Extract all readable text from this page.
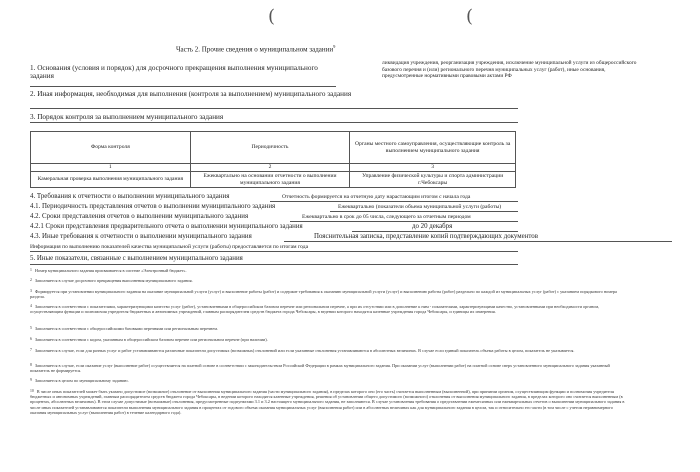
(	(
Часть 2. Прочие сведения о муниципальном задании$^9$
1. Основания (условия и порядок) для досрочного прекращения выполнения муниципального задания
ликвидация учреждения, реорганизация учреждения, исключение муниципальной услуги из общероссийского базового перечня и (или) регионального перечня муниципальных услуг (работ), иные основания, предусмотренные нормативными правовыми актами РФ
2. Иная информация, необходимая для выполнения (контроля за выполнением) муниципального задания
3. Порядок контроля за выполнением муниципального задания
Форма контроля	Периодичность	Органы местного самоуправления, осуществляющие контроль за выполнением муниципального задания
1	2	3
Камеральная проверка выполнения муниципального задания	Ежеквартально на основании отчетности о выполнении муниципального задания	Управление физической культуры и спорта администрации г.Чебоксары
4. Требования к отчетности о выполнении муниципального задания	Отчетность формируется на отчетную дату нарастающим итогом с начала года
4.1. Периодичность представления отчетов о выполнении муниципального задания	Ежеквартально (показатели объема муниципальной услуги (работы)
4.2. Сроки представления отчетов о выполнении муниципального задания	Ежеквартально в срок до 05 числа, следующего за отчетным периодом
4.2.1 Сроки представления предварительного отчета о выполнении муниципального задания	до 20 декабря
4.3. Иные требования к отчетности о выполнении муниципального задания	Пояснительная записка, представление копий подтверждающих документов
Информация по выполнению показателей качества муниципальной услуги (работы) предоставляется по итогам года
5. Иные показатели, связанные с выполнением муниципального задания
1 Номер муниципального задания присваивается в системе «Электронный бюджет».
2 Заполняется в случае досрочного прекращения выполнения муниципального задания.
3 Формируется при установлении муниципального задания на оказание муниципальной услуги (услуг) и выполнение работы (работ) и содержит требования к оказанию муниципальной услуги (услуг) и выполнению работы (работ) раздельно по каждой из муниципальных услуг (работ) с указанием порядкового номера раздела.
4 Заполняется в соответствии с показателями, характеризующими качество услуг (работ), установленными в общероссийском базовом перечне или региональном перечне, а при их отсутствии или в дополнение к ним - показателями, характеризующими качество, установленными при необходимости органом, осуществляющим функции и полномочия учредителя бюджетных и автономных учреждений, главным распорядителем средств бюджета города Чебоксары, в ведении которого находятся казенные учреждения города Чебоксары, и единицы их измерения.
5 Заполняется в соответствии с общероссийскими базовыми перечнями или региональным перечнем.
6 Заполняется в соответствии с кодом, указанным в общероссийском базовом перечне или региональном перечне (при наличии).
7 Заполняется в случае, если для разных услуг и работ устанавливаются различные показатели допустимых (возможных) отклонений или если указанные отклонения устанавливаются в абсолютных величинах. В случае если единый показатель объема работы в целом, показатель не указывается.
8 Заполняется в случае, если оказание услуг (выполнение работ) осуществляется на платной основе в соответствии с законодательством Российской Федерации в рамках муниципального задания. При оказании услуг (выполнении работ) на платной основе сверх установленного муниципального задания указанный показатель не формируется.
9 Заполняется в целом по муниципальному заданию.
10 В числе иных показателей может быть указано допустимое (возможное) отклонение от выполнения муниципального задания (части муниципального задания), в пределах которого оно (его часть) считается выполненным (выполненной), при принятии органом, осуществляющим функции и полномочия учредителя бюджетных и автономных учреждений, главным распорядителем средств бюджета города Чебоксары, в ведении которого находятся казенные учреждения, решения об установлении общего допустимого (возможного) отклонения от выполнения муниципального задания, в пределах которого оно считается выполненным (в процентах, абсолютных величинах). В этом случае допустимые (возможные) отклонения, предусмотренные подпунктами 3.1 и 3.2 настоящего муниципального задания, не заполняются. В случае установления требования о представлении ежемесячных или ежеквартальных отчетов о выполнении муниципального задания в числе иных показателей устанавливаются показатели выполнения муниципального задания в процентах от годового объема оказания муниципальных услуг (выполнения работ) или в абсолютных величинах как для муниципального задания в целом, так и относительно его части (в том числе с учетом неравномерного оказания муниципальных услуг (выполнения работ) в течение календарного года).
